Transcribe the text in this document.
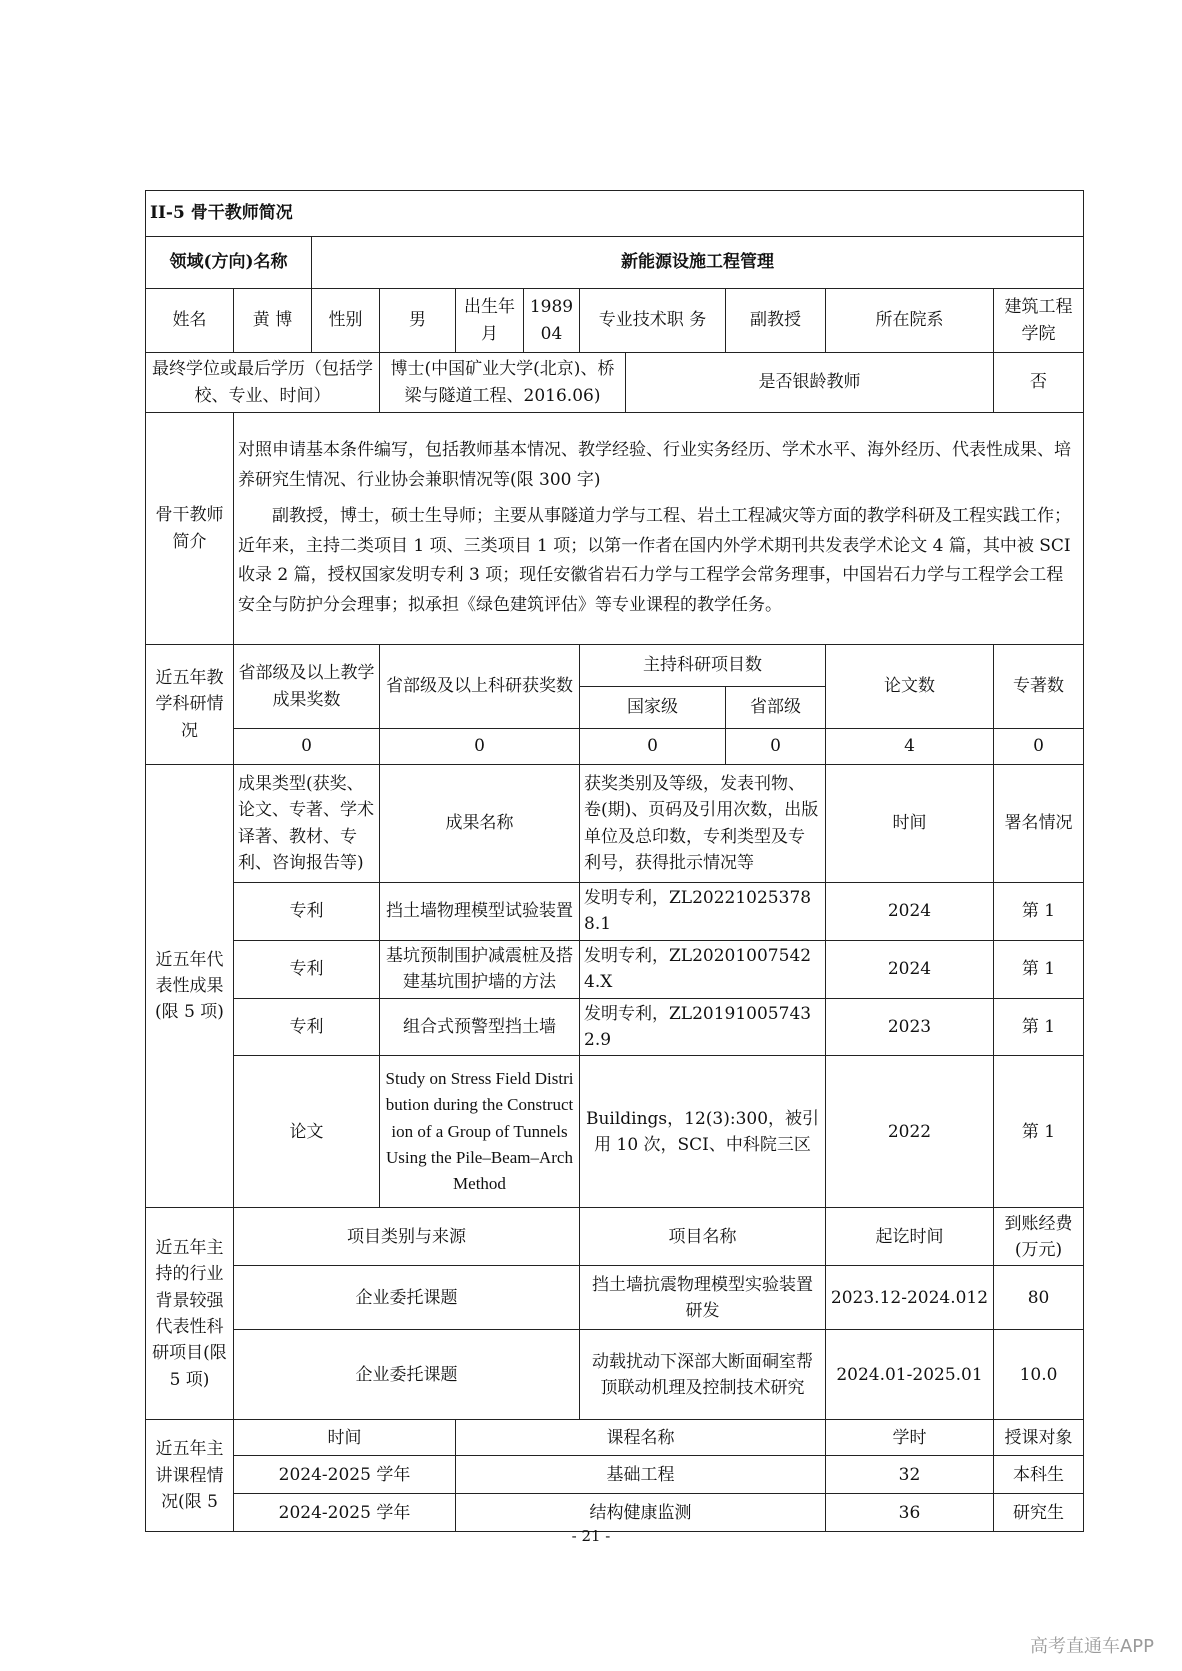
II-5 骨干教师简况										
领域(方向)名称		新能源设施工程管理								
姓名	黄 博	性别	男	出生年月	198904	专业技术职 务		副教授	所在院系	建筑工程学院
最终学位或最后学历（包括学校、专业、时间）			博士(中国矿业大学(北京)、桥梁与隧道工程、2016.06)				是否银龄教师			否
骨干教师简介	对照申请基本条件编写，包括教师基本情况、教学经验、行业实务经历、学术水平、海外经历、代表性成果、培养研究生情况、行业协会兼职情况等(限 300 字)
副教授，博士，硕士生导师；主要从事隧道力学与工程、岩土工程减灾等方面的教学科研及工程实践工作；近年来，主持二类项目 1 项、三类项目 1 项；以第一作者在国内外学术期刊共发表学术论文 4 篇，其中被 SCI 收录 2 篇，授权国家发明专利 3 项；现任安徽省岩石力学与工程学会常务理事，中国岩石力学与工程学会工程安全与防护分会理事；拟承担《绿色建筑评估》等专业课程的教学任务。									

近五年教学科研情况	省部级及以上教学成果奖数		省部级及以上科研获奖数			主持科研项目数			论文数	专著数
						国家级		省部级		
	0		0			0		0	4	0
近五年代表性成果(限 5 项)	成果类型(获奖、论文、专著、学术译著、教材、专利、咨询报告等)		成果名称			获奖类别及等级，发表刊物、卷(期)、页码及引用次数，出版单位及总印数，专利类型及专利号，获得批示情况等			时间	署名情况
	专利		挡土墙物理模型试验装置			发明专利，ZL202210253788.1			2024	第 1
	专利		基坑预制围护减震桩及搭建基坑围护墙的方法			发明专利，ZL202010075424.X			2024	第 1
	专利		组合式预警型挡土墙			发明专利，ZL201910057432.9			2023	第 1
	论文		Study on Stress Field Distribution during the Construction of a Group of Tunnels Using the Pile–Beam–Arch Method			Buildings，12(3):300，被引用 10 次，SCI、中科院三区			2022	第 1
近五年主持的行业背景较强代表性科研项目(限 5 项)	项目类别与来源					项目名称			起讫时间	到账经费(万元)
	企业委托课题					挡土墙抗震物理模型实验装置研发			2023.12-2024.012	80
	企业委托课题					动载扰动下深部大断面硐室帮顶联动机理及控制技术研究			2024.01-2025.01	10.0
近五年主讲课程情况(限 5	时间			课程名称					学时	授课对象
	2024-2025 学年			基础工程					32	本科生
	2024-2025 学年			结构健康监测					36	研究生
- 21 -
高考直通车APP
